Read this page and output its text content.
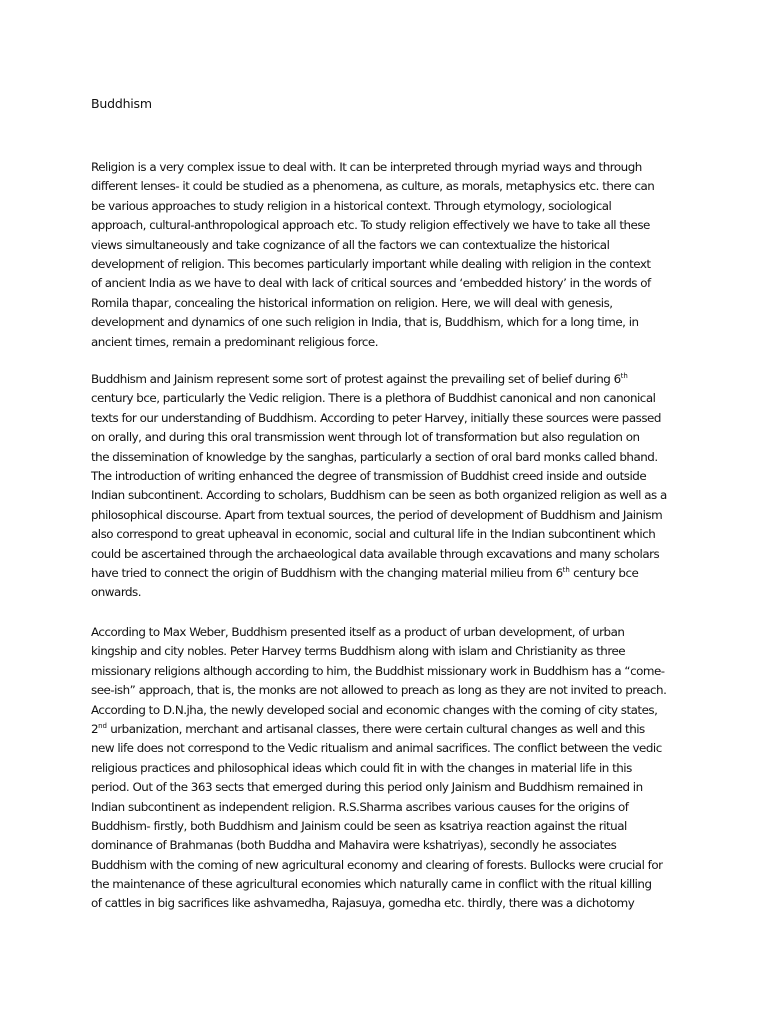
Buddhism
Religion is a very complex issue to deal with. It can be interpreted through myriad ways and through
different lenses- it could be studied as a phenomena, as culture, as morals, metaphysics etc. there can
be various approaches to study religion in a historical context. Through etymology, sociological
approach, cultural-anthropological approach etc. To study religion effectively we have to take all these
views simultaneously and take cognizance of all the factors we can contextualize the historical
development of religion. This becomes particularly important while dealing with religion in the context
of ancient India as we have to deal with lack of critical sources and ‘embedded history’ in the words of
Romila thapar, concealing the historical information on religion. Here, we will deal with genesis,
development and dynamics of one such religion in India, that is, Buddhism, which for a long time, in
ancient times, remain a predominant religious force.
Buddhism and Jainism represent some sort of protest against the prevailing set of belief during 6th
century bce, particularly the Vedic religion. There is a plethora of Buddhist canonical and non canonical
texts for our understanding of Buddhism. According to peter Harvey, initially these sources were passed
on orally, and during this oral transmission went through lot of transformation but also regulation on
the dissemination of knowledge by the sanghas, particularly a section of oral bard monks called bhand.
The introduction of writing enhanced the degree of transmission of Buddhist creed inside and outside
Indian subcontinent. According to scholars, Buddhism can be seen as both organized religion as well as a
philosophical discourse. Apart from textual sources, the period of development of Buddhism and Jainism
also correspond to great upheaval in economic, social and cultural life in the Indian subcontinent which
could be ascertained through the archaeological data available through excavations and many scholars
have tried to connect the origin of Buddhism with the changing material milieu from 6th century bce
onwards.
According to Max Weber, Buddhism presented itself as a product of urban development, of urban
kingship and city nobles. Peter Harvey terms Buddhism along with islam and Christianity as three
missionary religions although according to him, the Buddhist missionary work in Buddhism has a “come-
see-ish” approach, that is, the monks are not allowed to preach as long as they are not invited to preach.
According to D.N.jha, the newly developed social and economic changes with the coming of city states,
2nd urbanization, merchant and artisanal classes, there were certain cultural changes as well and this
new life does not correspond to the Vedic ritualism and animal sacrifices. The conflict between the vedic
religious practices and philosophical ideas which could fit in with the changes in material life in this
period. Out of the 363 sects that emerged during this period only Jainism and Buddhism remained in
Indian subcontinent as independent religion. R.S.Sharma ascribes various causes for the origins of
Buddhism- firstly, both Buddhism and Jainism could be seen as ksatriya reaction against the ritual
dominance of Brahmanas (both Buddha and Mahavira were kshatriyas), secondly he associates
Buddhism with the coming of new agricultural economy and clearing of forests. Bullocks were crucial for
the maintenance of these agricultural economies which naturally came in conflict with the ritual killing
of cattles in big sacrifices like ashvamedha, Rajasuya, gomedha etc. thirdly, there was a dichotomy
